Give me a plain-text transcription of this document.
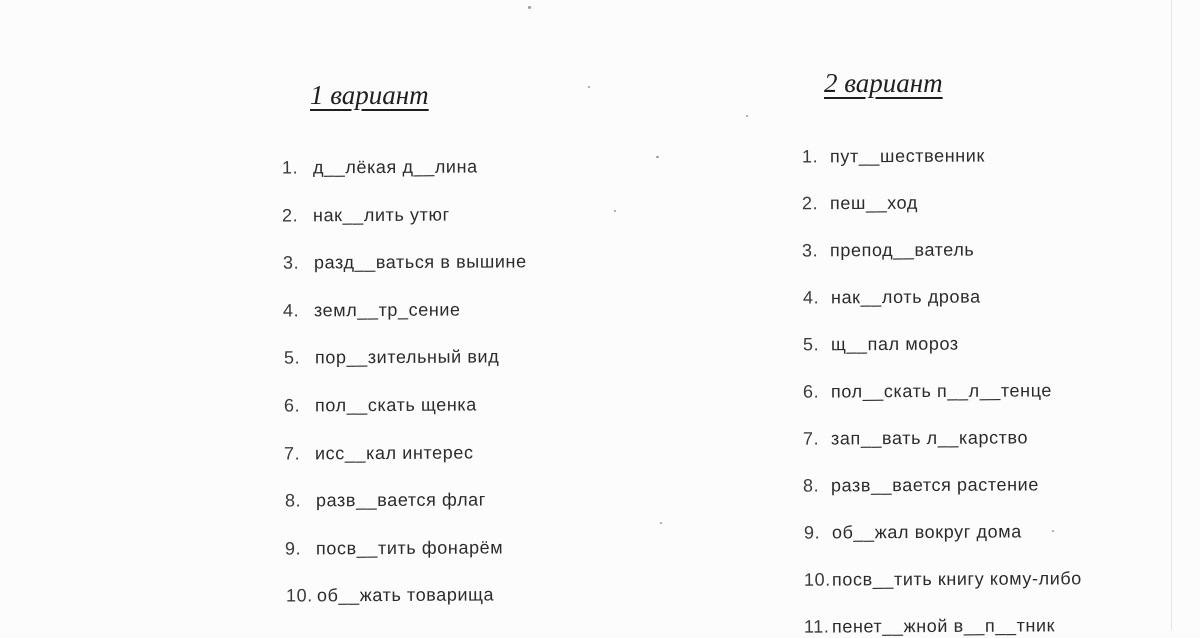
1 вариант
1. д__лёкая д__лина
2. нак__лить утюг
3. разд__ваться в вышине
4. земл__тр_сение
5. пор__зительный вид
6. пол__скать щенка
7. исс__кал интерес
8. разв__вается флаг
9. посв__тить фонарём
10. об__жать товарища
2 вариант
1. пут__шественник
2. пеш__ход
3. препод__ватель
4. нак__лоть дрова
5. щ__пал мороз
6. пол__скать п__л__тенце
7. зап__вать л__карство
8. разв__вается растение
9. об__жал вокруг дома
10.посв__тить книгу кому-либо
11. пенет__жной в__п__тник
